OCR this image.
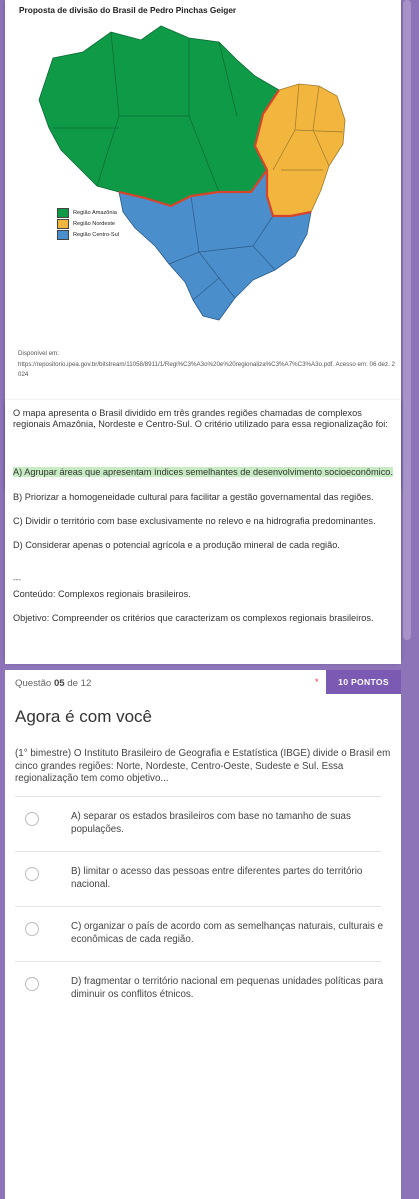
Proposta de divisão do Brasil de Pedro Pinchas Geiger
Região Amazônia
Região Nordeste
Região Centro-Sul
Disponível em:
https://repositorio.ipea.gov.br/bitstream/11058/8911/1/Regi%C3%A3o%20e%20regionaliza%C3%A7%C3%A3o.pdf. Acesso em: 06 dez. 2024
O mapa apresenta o Brasil dividido em três grandes regiões chamadas de complexos regionais Amazônia, Nordeste e Centro-Sul. O critério utilizado para essa regionalização foi:
A) Agrupar áreas que apresentam índices semelhantes de desenvolvimento socioeconômico.
B) Priorizar a homogeneidade cultural para facilitar a gestão governamental das regiões.
C) Dividir o território com base exclusivamente no relevo e na hidrografia predominantes.
D) Considerar apenas o potencial agrícola e a produção mineral de cada região.
---
Conteúdo: Complexos regionais brasileiros.
Objetivo: Compreender os critérios que caracterizam os complexos regionais brasileiros.
Questão 05 de 12	*	10 PONTOS
Agora é com você
(1° bimestre) O Instituto Brasileiro de Geografia e Estatística (IBGE) divide o Brasil em cinco grandes regiões: Norte, Nordeste, Centro-Oeste, Sudeste e Sul. Essa regionalização tem como objetivo...
A) separar os estados brasileiros com base no tamanho de suas populações.
B) limitar o acesso das pessoas entre diferentes partes do território nacional.
C) organizar o país de acordo com as semelhanças naturais, culturais e econômicas de cada região.
D) fragmentar o território nacional em pequenas unidades políticas para diminuir os conflitos étnicos.
